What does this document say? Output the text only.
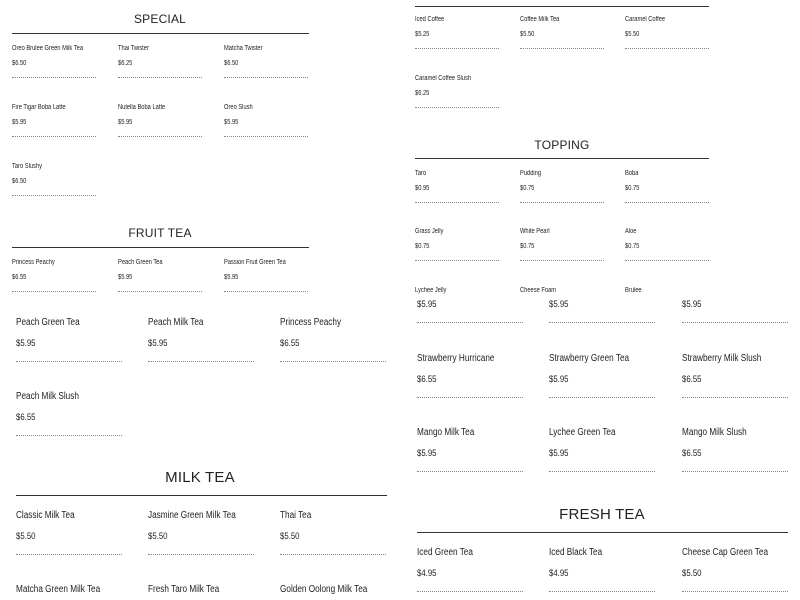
SPECIAL
Oreo Brulee Green Milk Tea
$6.50
Thai Twister
$6.25
Matcha Twister
$6.50
Fire Tigar Boba Latte
$5.95
Nutella Boba Latte
$5.95
Oreo Slush
$5.95
Taro Slushy
$6.50
FRUIT TEA
Princess Peachy
$6.55
Peach Green Tea
$5.95
Passion Fruit Green Tea
$5.95
Peach Green Tea
$5.95
Peach Milk Tea
$5.95
Princess Peachy
$6.55
Peach Milk Slush
$6.55
MILK TEA
Classic Milk Tea
$5.50
Jasmine Green Milk Tea
$5.50
Thai Tea
$5.50
Matcha Green Milk Tea	Fresh Taro Milk Tea	Golden Oolong Milk Tea
Iced Coffee
$5.25
Coffee Milk Tea
$5.50
Caramel Coffee
$5.50
Caramel Coffee Slush
$6.25
TOPPING
Taro
$0.95
Pudding
$0.75
Boba
$0.75
Grass Jelly
$0.75
White Pearl
$0.75
Aloe
$0.75
Lychee Jelly	Cheese Foam	Brulee
$5.95	$5.95	$5.95
Strawberry Hurricane
$6.55
Strawberry Green Tea
$5.95
Strawberry Milk Slush
$6.55
Mango Milk Tea
$5.95
Lychee Green Tea
$5.95
Mango Milk Slush
$6.55
FRESH TEA
Iced Green Tea
$4.95
Iced Black Tea
$4.95
Cheese Cap Green Tea
$5.50
